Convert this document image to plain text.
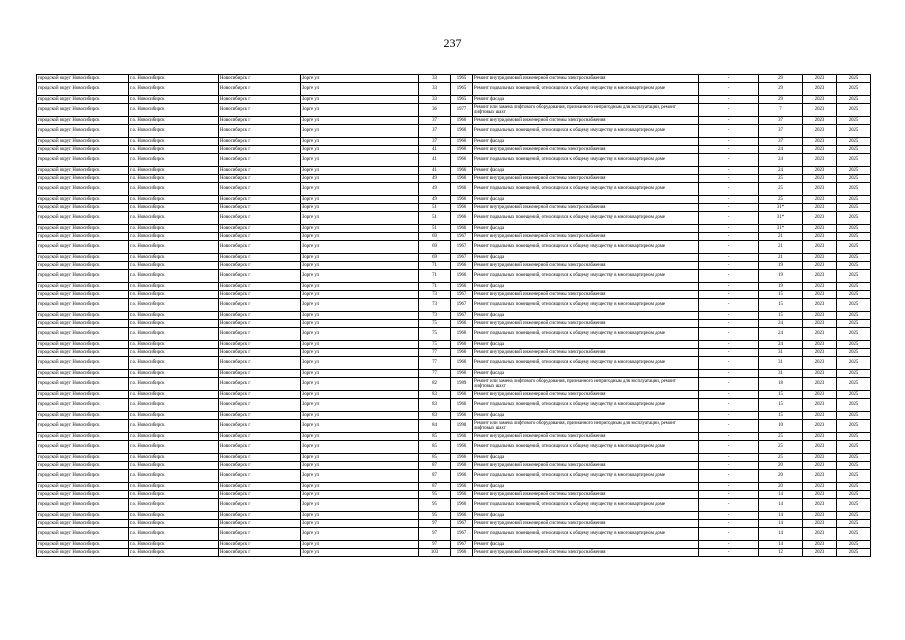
237
городской округ Новосибирск	г.о. Новосибирск	Новосибирск г	Зорге ул	33	1965	Ремонт внутридомовой инженерной системы электроснабжения	-	29	2023	2025
городской округ Новосибирск	г.о. Новосибирск	Новосибирск г	Зорге ул	33	1965	Ремонт подвальных помещений, относящихся к общему имуществу в многоквартирном доме	-	29	2023	2025
городской округ Новосибирск	г.о. Новосибирск	Новосибирск г	Зорге ул	33	1965	Ремонт фасада	-	29	2023	2025
городской округ Новосибирск	г.о. Новосибирск	Новосибирск г	Зорге ул	36	1977	Ремонт или замена лифтового оборудования, признанного непригодным для эксплуатации, ремонт лифтовых шахт	-	7	2023	2025
городской округ Новосибирск	г.о. Новосибирск	Новосибирск г	Зорге ул	37	1966	Ремонт внутридомовой инженерной системы электроснабжения	-	37	2023	2025
городской округ Новосибирск	г.о. Новосибирск	Новосибирск г	Зорге ул	37	1966	Ремонт подвальных помещений, относящихся к общему имуществу в многоквартирном доме	-	37	2023	2025
городской округ Новосибирск	г.о. Новосибирск	Новосибирск г	Зорге ул	37	1966	Ремонт фасада	-	37	2023	2025
городской округ Новосибирск	г.о. Новосибирск	Новосибирск г	Зорге ул	41	1966	Ремонт внутридомовой инженерной системы электроснабжения	-	24	2023	2025
городской округ Новосибирск	г.о. Новосибирск	Новосибирск г	Зорге ул	41	1966	Ремонт подвальных помещений, относящихся к общему имуществу в многоквартирном доме	-	24	2023	2025
городской округ Новосибирск	г.о. Новосибирск	Новосибирск г	Зорге ул	41	1966	Ремонт фасада	-	24	2023	2025
городской округ Новосибирск	г.о. Новосибирск	Новосибирск г	Зорге ул	49	1966	Ремонт внутридомовой инженерной системы электроснабжения	-	25	2023	2025
городской округ Новосибирск	г.о. Новосибирск	Новосибирск г	Зорге ул	49	1966	Ремонт подвальных помещений, относящихся к общему имуществу в многоквартирном доме	-	25	2023	2025
городской округ Новосибирск	г.о. Новосибирск	Новосибирск г	Зорге ул	49	1966	Ремонт фасада	-	25	2023	2025
городской округ Новосибирск	г.о. Новосибирск	Новосибирск г	Зорге ул	51	1966	Ремонт внутридомовой инженерной системы электроснабжения	-	31*	2023	2025
городской округ Новосибирск	г.о. Новосибирск	Новосибирск г	Зорге ул	51	1966	Ремонт подвальных помещений, относящихся к общему имуществу в многоквартирном доме	-	31*	2023	2025
городской округ Новосибирск	г.о. Новосибирск	Новосибирск г	Зорге ул	51	1966	Ремонт фасада	-	31*	2023	2025
городской округ Новосибирск	г.о. Новосибирск	Новосибирск г	Зорге ул	69	1967	Ремонт внутридомовой инженерной системы электроснабжения	-	21	2023	2025
городской округ Новосибирск	г.о. Новосибирск	Новосибирск г	Зорге ул	69	1967	Ремонт подвальных помещений, относящихся к общему имуществу в многоквартирном доме	-	21	2023	2025
городской округ Новосибирск	г.о. Новосибирск	Новосибирск г	Зорге ул	69	1967	Ремонт фасада	-	21	2023	2025
городской округ Новосибирск	г.о. Новосибирск	Новосибирск г	Зорге ул	71	1966	Ремонт внутридомовой инженерной системы электроснабжения	-	19	2023	2025
городской округ Новосибирск	г.о. Новосибирск	Новосибирск г	Зорге ул	71	1966	Ремонт подвальных помещений, относящихся к общему имуществу в многоквартирном доме	-	19	2023	2025
городской округ Новосибирск	г.о. Новосибирск	Новосибирск г	Зорге ул	71	1966	Ремонт фасада	-	19	2023	2025
городской округ Новосибирск	г.о. Новосибирск	Новосибирск г	Зорге ул	73	1967	Ремонт внутридомовой инженерной системы электроснабжения	-	15	2023	2025
городской округ Новосибирск	г.о. Новосибирск	Новосибирск г	Зорге ул	73	1967	Ремонт подвальных помещений, относящихся к общему имуществу в многоквартирном доме	-	15	2023	2025
городской округ Новосибирск	г.о. Новосибирск	Новосибирск г	Зорге ул	73	1967	Ремонт фасада	-	15	2023	2025
городской округ Новосибирск	г.о. Новосибирск	Новосибирск г	Зорге ул	75	1966	Ремонт внутридомовой инженерной системы электроснабжения	-	24	2023	2025
городской округ Новосибирск	г.о. Новосибирск	Новосибирск г	Зорге ул	75	1966	Ремонт подвальных помещений, относящихся к общему имуществу в многоквартирном доме	-	24	2023	2025
городской округ Новосибирск	г.о. Новосибирск	Новосибирск г	Зорге ул	75	1966	Ремонт фасада	-	24	2023	2025
городской округ Новосибирск	г.о. Новосибирск	Новосибирск г	Зорге ул	77	1966	Ремонт внутридомовой инженерной системы электроснабжения	-	31	2023	2025
городской округ Новосибирск	г.о. Новосибирск	Новосибирск г	Зорге ул	77	1966	Ремонт подвальных помещений, относящихся к общему имуществу в многоквартирном доме	-	31	2023	2025
городской округ Новосибирск	г.о. Новосибирск	Новосибирск г	Зорге ул	77	1966	Ремонт фасада	-	31	2023	2025
городской округ Новосибирск	г.о. Новосибирск	Новосибирск г	Зорге ул	82	1989	Ремонт или замена лифтового оборудования, признанного непригодным для эксплуатации, ремонт лифтовых шахт	-	18	2023	2025
городской округ Новосибирск	г.о. Новосибирск	Новосибирск г	Зорге ул	83	1966	Ремонт внутридомовой инженерной системы электроснабжения	-	15	2023	2025
городской округ Новосибирск	г.о. Новосибирск	Новосибирск г	Зорге ул	83	1966	Ремонт подвальных помещений, относящихся к общему имуществу в многоквартирном доме	-	15	2023	2025
городской округ Новосибирск	г.о. Новосибирск	Новосибирск г	Зорге ул	83	1966	Ремонт фасада	-	15	2023	2025
городской округ Новосибирск	г.о. Новосибирск	Новосибирск г	Зорге ул	84	1990	Ремонт или замена лифтового оборудования, признанного непригодным для эксплуатации, ремонт лифтовых шахт	-	10	2023	2025
городской округ Новосибирск	г.о. Новосибирск	Новосибирск г	Зорге ул	85	1966	Ремонт внутридомовой инженерной системы электроснабжения	-	25	2023	2025
городской округ Новосибирск	г.о. Новосибирск	Новосибирск г	Зорге ул	85	1966	Ремонт подвальных помещений, относящихся к общему имуществу в многоквартирном доме	-	25	2023	2025
городской округ Новосибирск	г.о. Новосибирск	Новосибирск г	Зорге ул	85	1966	Ремонт фасада	-	25	2023	2025
городской округ Новосибирск	г.о. Новосибирск	Новосибирск г	Зорге ул	87	1966	Ремонт внутридомовой инженерной системы электроснабжения	-	20	2023	2025
городской округ Новосибирск	г.о. Новосибирск	Новосибирск г	Зорге ул	87	1966	Ремонт подвальных помещений, относящихся к общему имуществу в многоквартирном доме	-	20	2023	2025
городской округ Новосибирск	г.о. Новосибирск	Новосибирск г	Зорге ул	87	1966	Ремонт фасада	-	20	2023	2025
городской округ Новосибирск	г.о. Новосибирск	Новосибирск г	Зорге ул	95	1966	Ремонт внутридомовой инженерной системы электроснабжения	-	14	2023	2025
городской округ Новосибирск	г.о. Новосибирск	Новосибирск г	Зорге ул	95	1966	Ремонт подвальных помещений, относящихся к общему имуществу в многоквартирном доме	-	14	2023	2025
городской округ Новосибирск	г.о. Новосибирск	Новосибирск г	Зорге ул	95	1966	Ремонт фасада	-	14	2023	2025
городской округ Новосибирск	г.о. Новосибирск	Новосибирск г	Зорге ул	97	1967	Ремонт внутридомовой инженерной системы электроснабжения	-	14	2023	2025
городской округ Новосибирск	г.о. Новосибирск	Новосибирск г	Зорге ул	97	1967	Ремонт подвальных помещений, относящихся к общему имуществу в многоквартирном доме	-	14	2023	2025
городской округ Новосибирск	г.о. Новосибирск	Новосибирск г	Зорге ул	97	1967	Ремонт фасада	-	14	2023	2025
городской округ Новосибирск	г.о. Новосибирск	Новосибирск г	Зорге ул	103	1966	Ремонт внутридомовой инженерной системы электроснабжения	-	12	2023	2025
